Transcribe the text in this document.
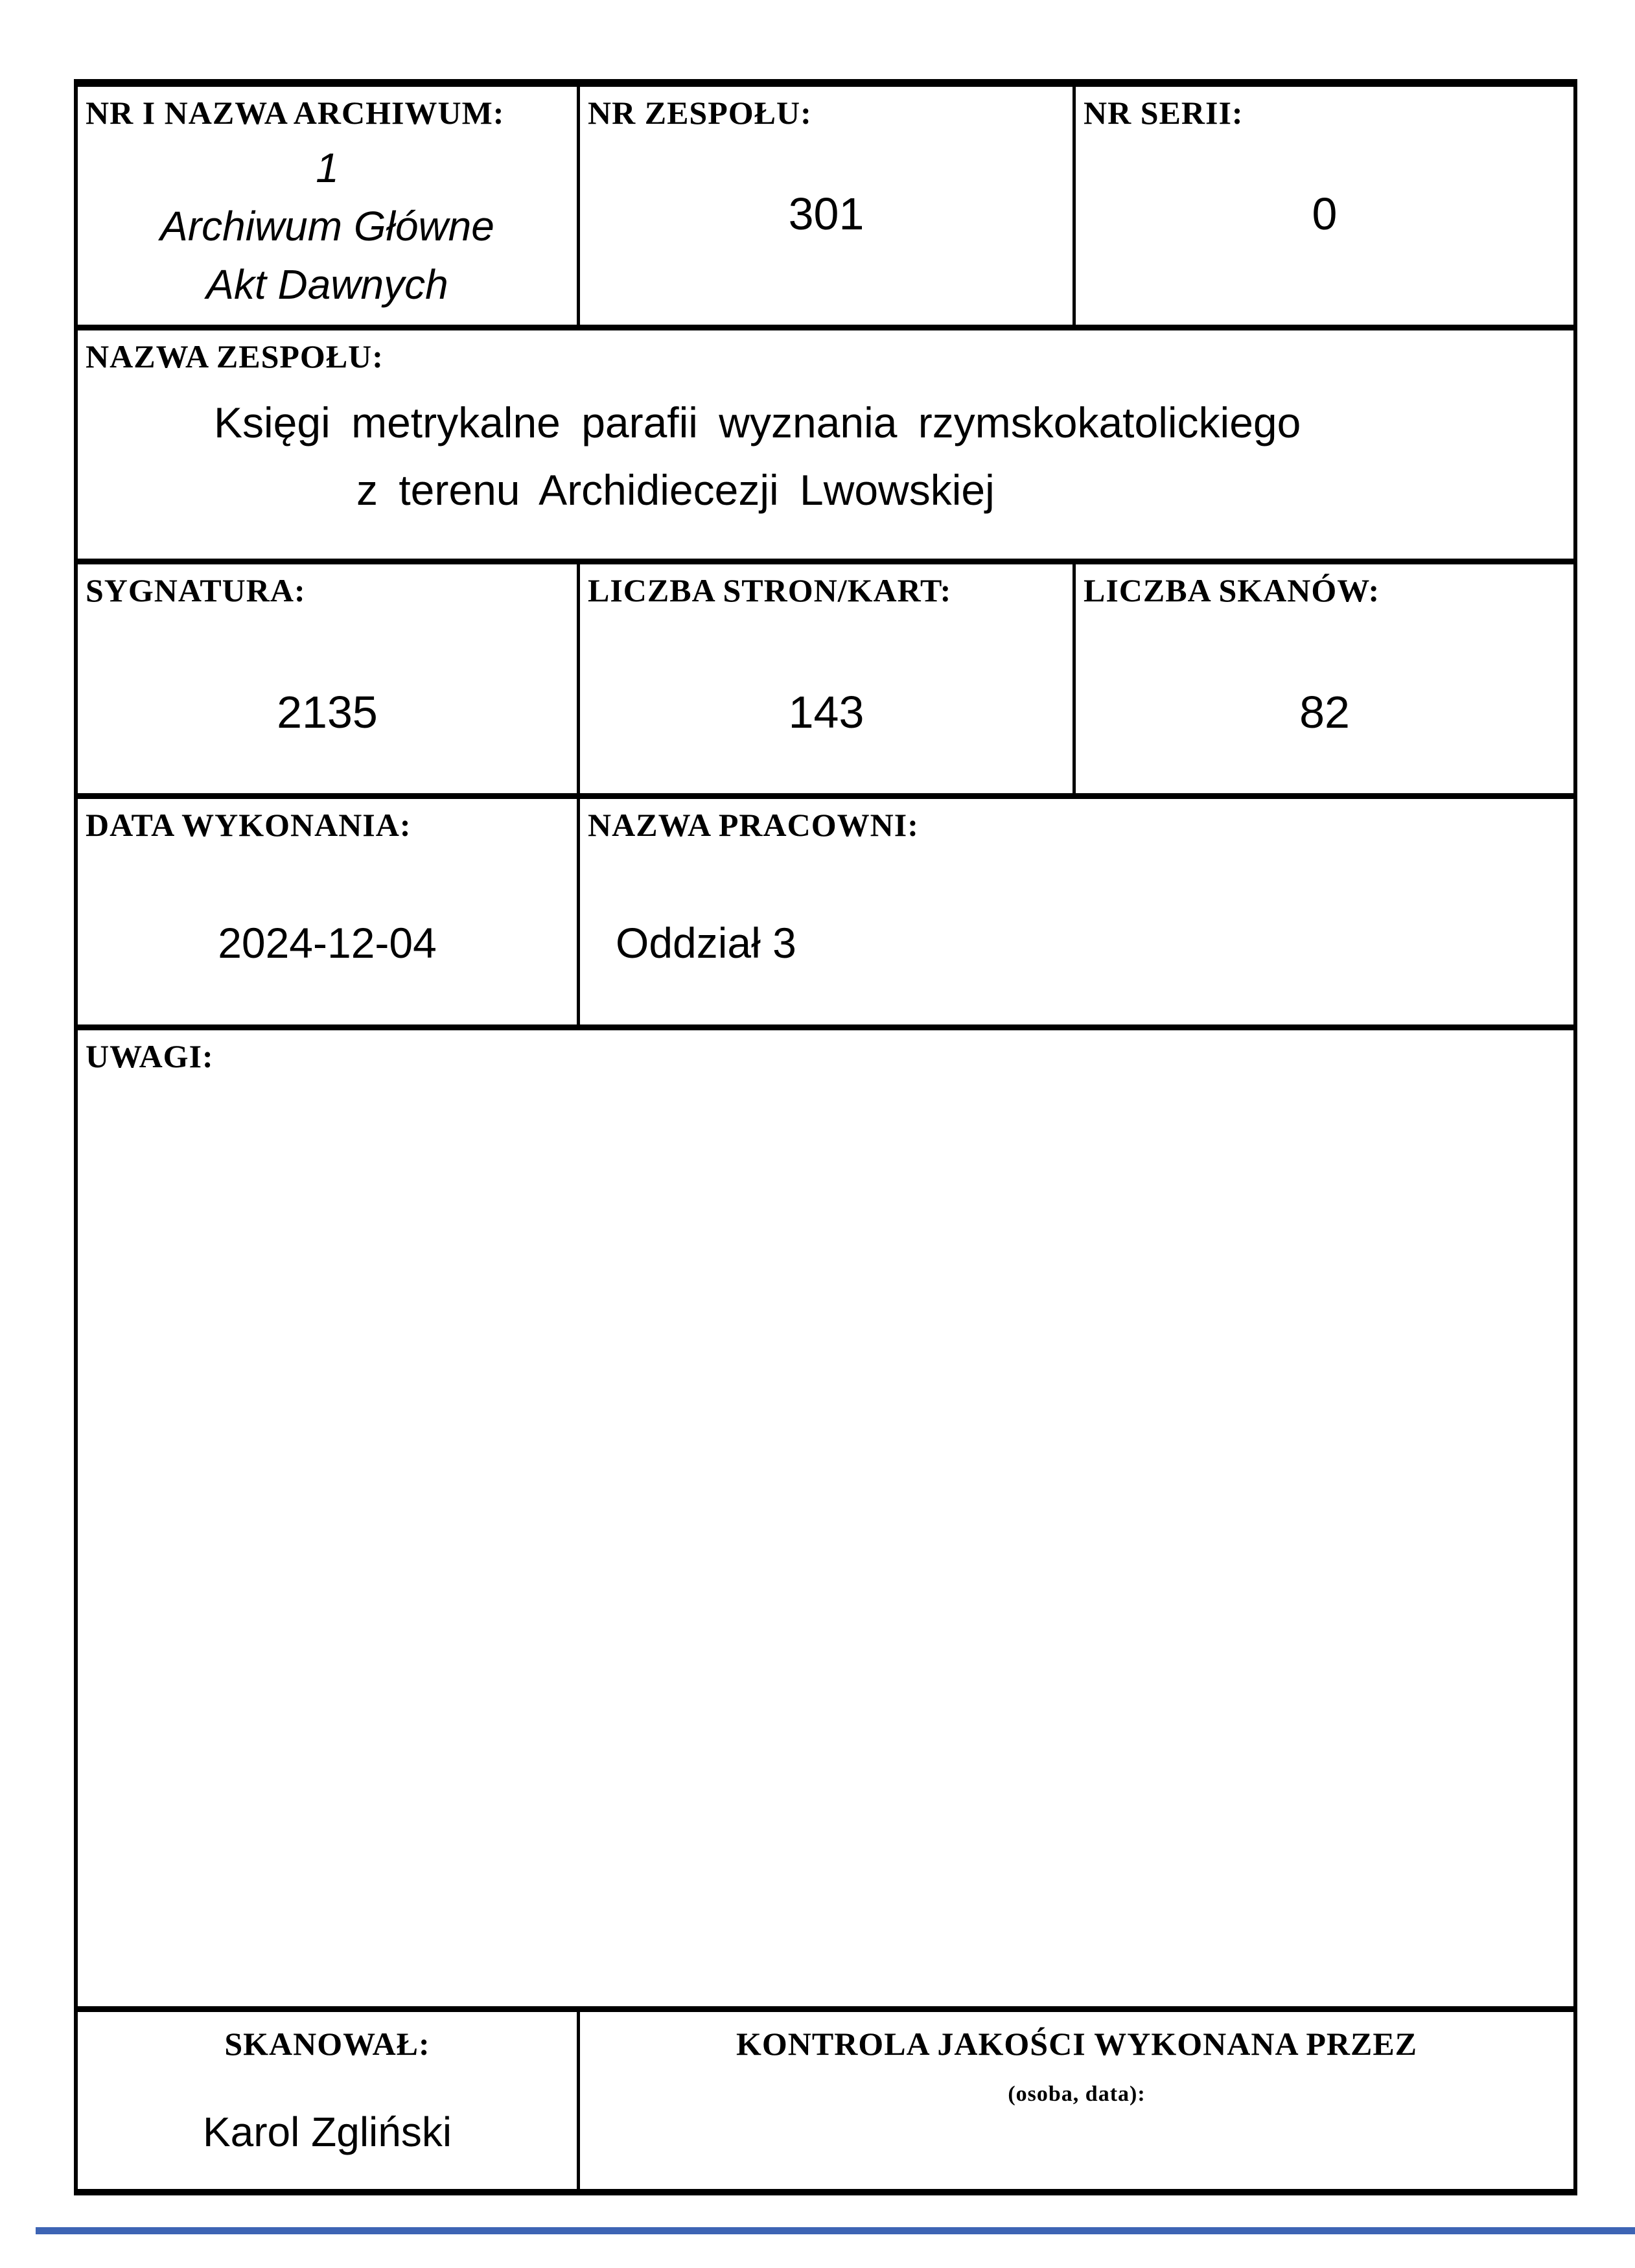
NR I NAZWA ARCHIWUM:
1
Archiwum Główne
Akt Dawnych
NR ZESPOŁU:
301
NR SERII:
0
NAZWA ZESPOŁU:
Księgi metrykalne parafii wyznania rzymskokatolickiego
z terenu Archidiecezji Lwowskiej
SYGNATURA:
2135
LICZBA STRON/KART:
143
LICZBA SKANÓW:
82
DATA WYKONANIA:
2024-12-04
NAZWA PRACOWNI:
Oddział 3
UWAGI:
SKANOWAŁ:
Karol Zgliński
KONTROLA JAKOŚCI WYKONANA PRZEZ
(osoba, data):
